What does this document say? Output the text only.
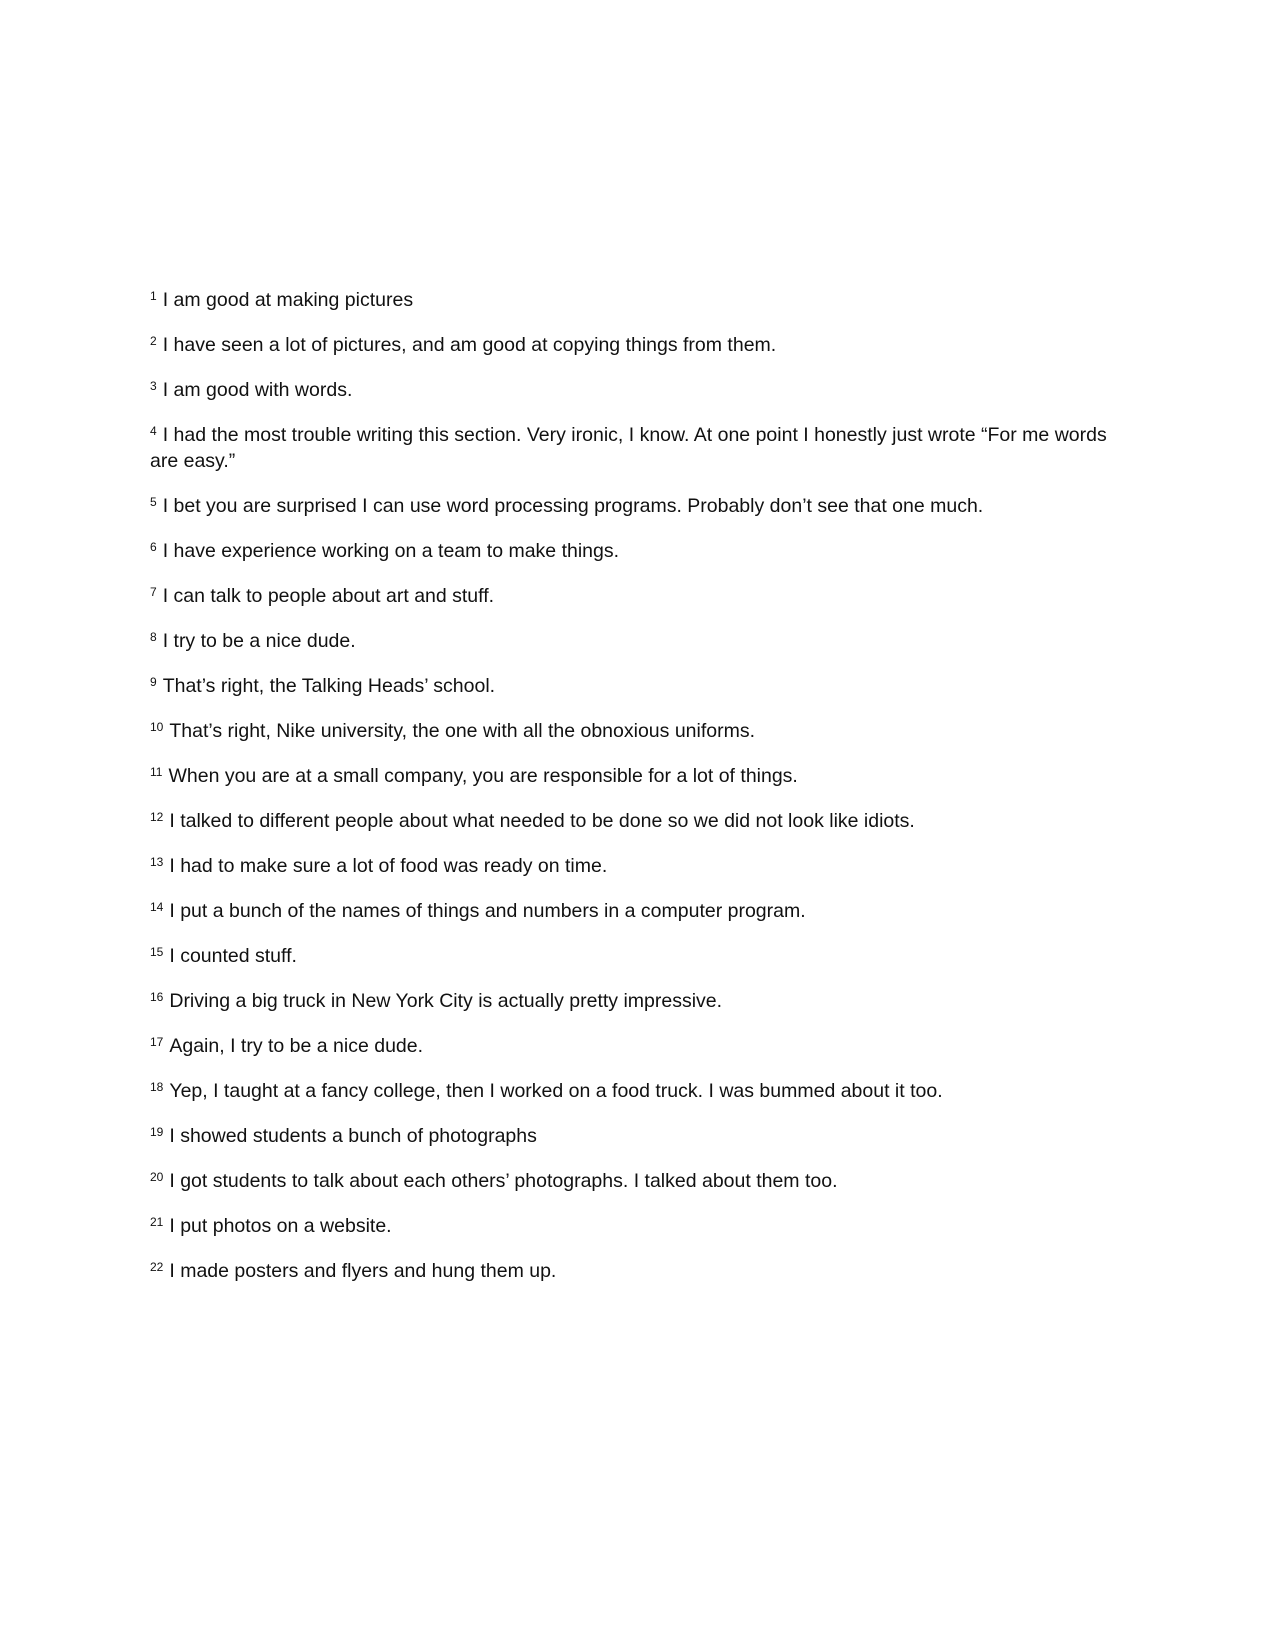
$^1$ I am good at making pictures
$^2$ I have seen a lot of pictures, and am good at copying things from them.
$^3$ I am good with words.
$^4$ I had the most trouble writing this section. Very ironic, I know. At one point I honestly just wrote “For me words are easy.”
$^5$ I bet you are surprised I can use word processing programs. Probably don’t see that one much.
$^6$ I have experience working on a team to make things.
$^7$ I can talk to people about art and stuff.
$^8$ I try to be a nice dude.
$^9$ That’s right, the Talking Heads’ school.
$^{10}$ That’s right, Nike university, the one with all the obnoxious uniforms.
$^{11}$ When you are at a small company, you are responsible for a lot of things.
$^{12}$ I talked to different people about what needed to be done so we did not look like idiots.
$^{13}$ I had to make sure a lot of food was ready on time.
$^{14}$ I put a bunch of the names of things and numbers in a computer program.
$^{15}$ I counted stuff.
$^{16}$ Driving a big truck in New York City is actually pretty impressive.
$^{17}$ Again, I try to be a nice dude.
$^{18}$ Yep, I taught at a fancy college, then I worked on a food truck. I was bummed about it too.
$^{19}$ I showed students a bunch of photographs
$^{20}$ I got students to talk about each others’ photographs. I talked about them too.
$^{21}$ I put photos on a website.
$^{22}$ I made posters and flyers and hung them up.
